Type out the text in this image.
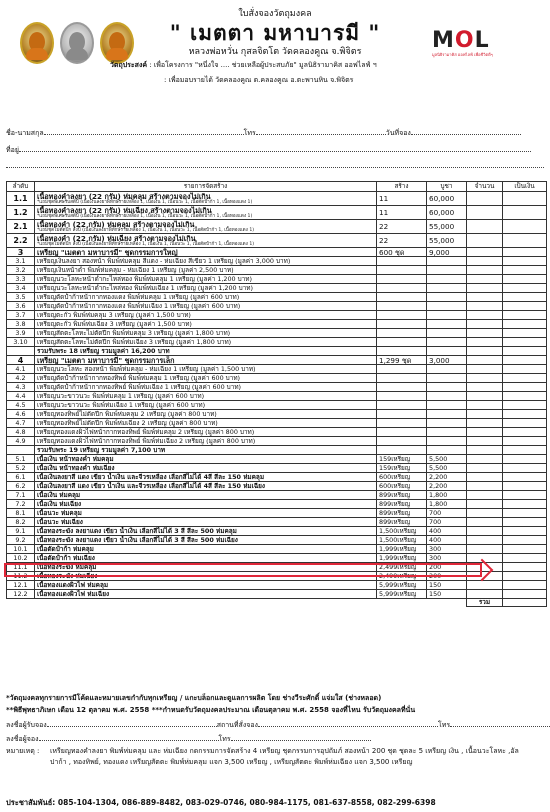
ใบสั่งจองวัตถุมงคล
" เมตตา มหาบารมี "
หลวงพ่อหวั่น กุสลจิตโต วัดคลองคูณ จ.พิจิตร
วัตถุประสงค์ : เพื่อโครงการ "หนึ่งใจ .... ช่วยเหลือผู้ประสบภัย" มูลนิธิรามาคิส ออฟไลฟ์ ฯ
: เพื่อมอบรายได้ วัดคลองคูณ ต.คลองคูณ อ.ตะพานหิน จ.พิจิตร
MOL
มูลนิธิรามาคิส ออฟไลฟ์ เพื่อชีวิตดีๆ
ชื่อ-นามสกุล	โทร	วันที่จอง
ที่อยู่
ลำดับ	รายการจัดสร้าง	สร้าง	บูชา	จำนวน	เป็นเงิน
1.1	เนื้อทองคำลงยา (22 กรัม) ห่มคลุม สร้างตามจองไม่เกิน
*แถมชุดพิเศษรับสต์ปี (เนื้อเงินลงยาพิทักษ์รายเหลือง 1, เนื้อเงิน 1, เนื้อนวะ 1, เนื้อตัดปำก้า 1, เนื้อทองแดง 1)	11	60,000		
1.2	เนื้อทองคำลงยา (22 กรัม) ห่มเฉียง สร้างตามจองไม่เกิน
*แถมชุดพิเศษรับสต์ปี (เนื้อเงินลงยาพิทักษ์รายเหลือง 1, เนื้อเงิน 1, เนื้อนวะ 1, เนื้อตัดปำก้า 1, เนื้อทองแดง 1)	11	60,000		
2.1	เนื้อทองคำ (22 กรัม) ห่มคลุม สร้างตามจองไม่เกิน
*แถมชุดไม่ตัดปีก ลังปี (เนื้อเงินลงยาพิทักษ์รายเหลือง 1, เนื้อเงิน 1, เนื้อนวะ 1, เนื้อตัดปำก้า 1, เนื้อทองแดง 1)	22	55,000		
2.2	เนื้อทองคำ (22 กรัม) ห่มเฉียง สร้างตามจองไม่เกิน
*แถมชุดไม่ตัดปีก ลังปี (เนื้อเงินลงยาพิทักษ์รายเหลือง 1, เนื้อเงิน 1, เนื้อนวะ 1, เนื้อตัดปำก้า 1, เนื้อทองแดง 1)	22	55,000		
3	เหรียญ "เมตตา มหาบารมี" ชุดกรรมการใหญ่	600 ชุด	9,000		
3.1	เหรียญเงินลงยา สองหน้า พิมพ์ห่มคลุม สีแดง - ห่มเฉียง สีเขียว 1 เหรียญ (มูลค่า 3,000 บาท)				
3.2	เหรียญเงินหน้าดำ พิมพ์ห่มคลุม - ห่มเฉียง 1 เหรียญ (มูลค่า 2,500 บาท)				
3.3	เหรียญนวะโลหะหน้าดำกะไหล่ทอง พิมพ์ห่มคลุม 1 เหรียญ (มูลค่า 1,200 บาท)				
3.4	เหรียญนวะโลหะหน้าดำกะไหล่ทอง พิมพ์ห่มเฉียง 1 เหรียญ (มูลค่า 1,200 บาท)				
3.5	เหรียญตัดปำก้าหน้ากากทองแดง พิมพ์ห่มคลุม 1 เหรียญ (มูลค่า 600 บาท)				
3.6	เหรียญตัดปำก้าหน้ากากทองแดง พิมพ์ห่มเฉียง 1 เหรียญ (มูลค่า 600 บาท)				
3.7	เหรียญตะกั่ว พิมพ์ห่มคลุม 3 เหรียญ (มูลค่า 1,500 บาท)				
3.8	เหรียญตะกั่ว พิมพ์ห่มเฉียง 3 เหรียญ (มูลค่า 1,500 บาท)				
3.9	เหรียญสัตตะโลหะไม่ตัดปีก พิมพ์ห่มคลุม 3 เหรียญ (มูลค่า 1,800 บาท)				
3.10	เหรียญสัตตะโลหะไม่ตัดปีก พิมพ์ห่มเฉียง 3 เหรียญ (มูลค่า 1,800 บาท)				
	รวมรับพระ 18 เหรียญ รวมมูลค่า 16,200 บาท				
4	เหรียญ "เมตตา มหาบารมี" ชุดกรรมการเล็ก	1,299 ชุด	3,000		
4.1	เหรียญนวะโลหะ สองหน้า พิมพ์ห่มคลุม - ห่มเฉียง 1 เหรียญ (มูลค่า 1,500 บาท)				
4.2	เหรียญตัดปำก้าหน้ากากทองทิพย์ พิมพ์ห่มคลุม 1 เหรียญ (มูลค่า 600 บาท)				
4.3	เหรียญตัดปำก้าหน้ากากทองทิพย์ พิมพ์ห่มเฉียง 1 เหรียญ (มูลค่า 600 บาท)				
4.4	เหรียญนวะขาวนวะ พิมพ์ห่มคลุม 1 เหรียญ (มูลค่า 600 บาท)				
4.5	เหรียญนวะขาวนวะ พิมพ์ห่มเฉียง 1 เหรียญ (มูลค่า 600 บาท)				
4.6	เหรียญทองทิพย์ไม่ตัดปีก พิมพ์ห่มคลุม 2 เหรียญ (มูลค่า 800 บาท)				
4.7	เหรียญทองทิพย์ไม่ตัดปีก พิมพ์ห่มเฉียง 2 เหรียญ (มูลค่า 800 บาท)				
4.8	เหรียญทองแดงผิวไฟหน้ากากทองทิพย์ พิมพ์ห่มคลุม 2 เหรียญ (มูลค่า 800 บาท)				
4.9	เหรียญทองแดงผิวไฟหน้ากากทองทิพย์ พิมพ์ห่มเฉียง 2 เหรียญ (มูลค่า 800 บาท)				
	รวมรับพระ 19 เหรียญ รวมมูลค่า 7,100 บาท				
5.1	เนื้อเงิน หน้าทองคำ ห่มคลุม	159เหรียญ	5,500		
5.2	เนื้อเงิน หน้าทองคำ ห่มเฉียง	159เหรียญ	5,500		
6.1	เนื้อเงินลงยาสี แดง เขียว น้ำเงิน และจีวรเหลือง เลือกสีไม่ได้ 4สี สีละ 150 ห่มคลุม	600เหรียญ	2,200		
6.2	เนื้อเงินลงยาสี แดง เขียว น้ำเงิน และจีวรเหลือง เลือกสีไม่ได้ 4สี สีละ 150 ห่มเฉียง	600เหรียญ	2,200		
7.1	เนื้อเงิน ห่มคลุม	899เหรียญ	1,800		
7.2	เนื้อเงิน ห่มเฉียง	899เหรียญ	1,800		
8.1	เนื้อนวะ ห่มคลุม	899เหรียญ	700		
8.2	เนื้อนวะ ห่มเฉียง	899เหรียญ	700		
9.1	เนื้อทองระฆัง ลงยาแดง เขียว น้ำเงิน เลือกสีไม่ได้ 3 สี สีละ 500 ห่มคลุม	1,500เหรียญ	400		
9.2	เนื้อทองระฆัง ลงยาแดง เขียว น้ำเงิน เลือกสีไม่ได้ 3 สี สีละ 500 ห่มเฉียง	1,500เหรียญ	400		
10.1	เนื้อตัดปำก้า ห่มคลุม	1,999เหรียญ	300		
10.2	เนื้อตัดปำก้า ห่มเฉียง	1,999เหรียญ	300		
11.1	เนื้อทองระฆัง ห่มคลุม	2,499เหรียญ	200		
11.2	เนื้อทองระฆัง ห่มเฉียง	2,499เหรียญ	200		
12.1	เนื้อทองแดงผิวไฟ ห่มคลุม	5,999เหรียญ	150		
12.2	เนื้อทองแดงผิวไฟ ห่มเฉียง	5,999เหรียญ	150		
				รวม	
*วัตถุมงคลทุกรายการมีโค้ดและหมายเลขกำกับทุกเหรียญ / แกะบล็อกและดูแลการผลิต โดย ช่างวีระศักดิ์ แจ่มใส (ช่างหลอด)
**พิธีพุทธาภิเษก เดือน 12 ตุลาคม พ.ศ. 2558 ***กำหนดรับวัตถุมงคลประมาณ เดือนตุลาคม พ.ศ. 2558 จองที่ไหน รับวัตถุมงคลที่นั่น
ลงชื่อผู้รับจอง	สถานที่สั่งจอง	โทร
ลงชื่อผู้จอง	โทร
หมายเหตุ : เหรียญทองคำลงยา พิมพ์ห่มคลุม และ ห่มเฉียง กดกรรมการจัดสร้าง 4 เหรียญ ชุดกรรมการอุปถัมภ์ สองหน้า 200 ชุด ชุดละ 5 เหรียญ เงิน , เนื้อนวะโลหะ ,อัลปาก้า , ทองทิพย์, ทองแดง เหรียญสัตตะ พิมพ์ห่มคลุม แจก 3,500 เหรียญ , เหรียญสัตตะ พิมพ์ห่มเฉียง แจก 3,500 เหรียญ
ประชาสัมพันธ์: 085-104-1304, 086-889-8482, 083-029-0746, 080-984-1175, 081-637-8558, 082-299-6398
